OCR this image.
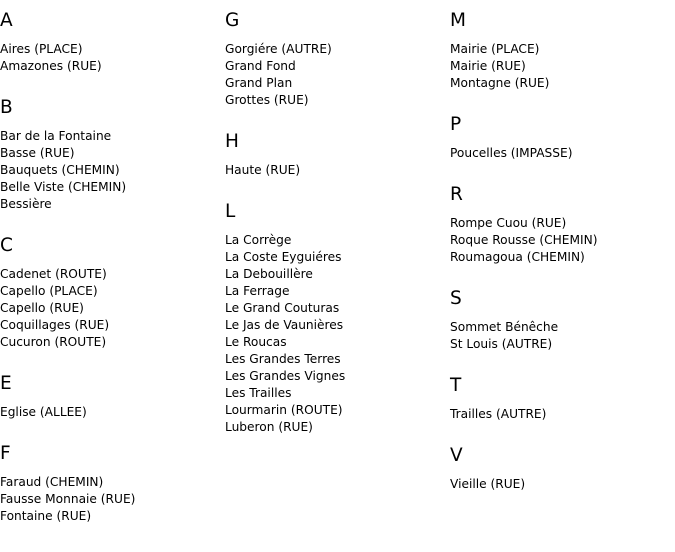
A
Aires (PLACE)
Amazones (RUE)
B
Bar de la Fontaine
Basse (RUE)
Bauquets (CHEMIN)
Belle Viste (CHEMIN)
Bessière
C
Cadenet (ROUTE)
Capello (PLACE)
Capello (RUE)
Coquillages (RUE)
Cucuron (ROUTE)
E
Eglise (ALLEE)
F
Faraud (CHEMIN)
Fausse Monnaie (RUE)
Fontaine (RUE)
G
Gorgiére (AUTRE)
Grand Fond
Grand Plan
Grottes (RUE)
H
Haute (RUE)
L
La Corrège
La Coste Eyguiéres
La Debouillère
La Ferrage
Le Grand Couturas
Le Jas de Vaunières
Le Roucas
Les Grandes Terres
Les Grandes Vignes
Les Trailles
Lourmarin (ROUTE)
Luberon (RUE)
M
Mairie (PLACE)
Mairie (RUE)
Montagne (RUE)
P
Poucelles (IMPASSE)
R
Rompe Cuou (RUE)
Roque Rousse (CHEMIN)
Roumagoua (CHEMIN)
S
Sommet Bénêche
St Louis (AUTRE)
T
Trailles (AUTRE)
V
Vieille (RUE)
